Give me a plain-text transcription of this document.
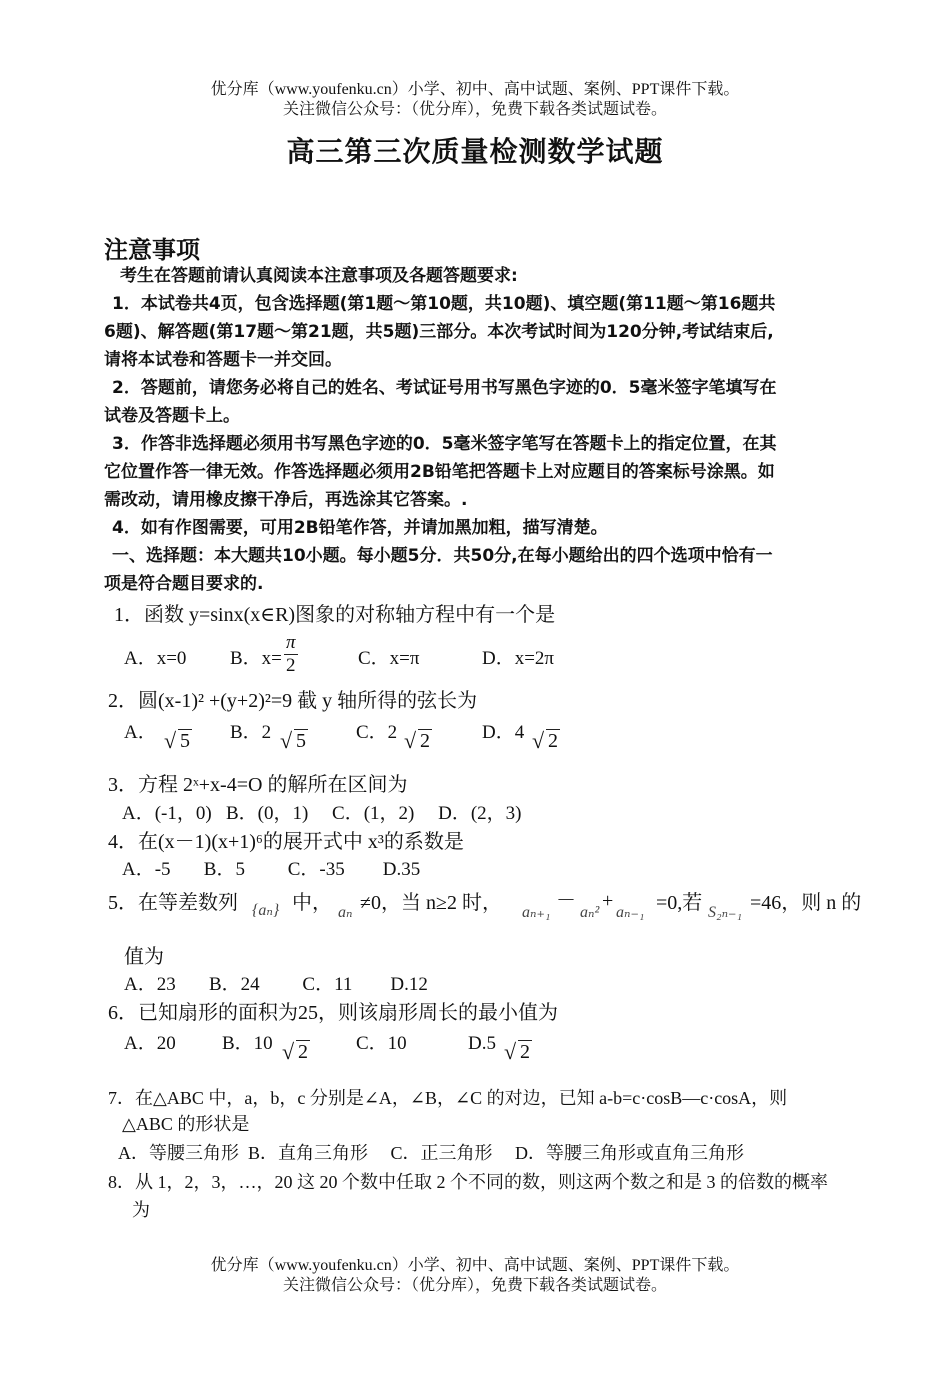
优分库（www.youfenku.cn）小学、初中、高中试题、案例、PPT课件下载。
关注微信公众号：（优分库），免费下载各类试题试卷。
高三第三次质量检测数学试题
注意事项
考生在答题前请认真阅读本注意事项及各题答题要求:
1．本试卷共4页，包含选择题(第1题～第10题，共10题)、填空题(第11题～第16题共
6题)、解答题(第17题～第21题，共5题)三部分。本次考试时间为120分钟,考试结束后,
请将本试卷和答题卡一并交回。
2．答题前，请您务必将自己的姓名、考试证号用书写黑色字迹的0．5毫米签字笔填写在
试卷及答题卡上。
3．作答非选择题必须用书写黑色字迹的0．5毫米签字笔写在答题卡上的指定位置，在其
它位置作答一律无效。作答选择题必须用2B铅笔把答题卡上对应题目的答案标号涂黑。如
需改动，请用橡皮擦干净后，再选涂其它答案。.
4．如有作图需要，可用2B铅笔作答，并请加黑加粗，描写清楚。
一、选择题：本大题共10小题。每小题5分．共50分,在每小题给出的四个选项中恰有一
项是符合题目要求的.
1．函数 y=sinx(x∈R)图象的对称轴方程中有一个是
A．x=0 B．$x= \frac{\pi}{2}$	C．x=π	D．x=2π
2．圆(x-1)² +(y+2)²=9 截 y 轴所得的弦长为
A．	√ 5 B．2	√ 5	C．2	√ 2	D．4	√ 2
3．方程 2ˣ+x-4=O 的解所在区间为
A．(-1，0)   B．(0，1)     C．(1，2)     D．(2，3)
4．在(x－1)(x+1)⁶的展开式中 x³的系数是
A．-5       B．5         C．-35        D.35
5．在等差数列 {aₙ} 中， aₙ ≠0，当 n≥2 时， aₙ₊₁
－
aₙ²
+
aₙ₋₁ =0,若 S₂ₙ₋₁ =46，则 n 的
值为
A．23       B．24         C．11        D.12
6．已知扇形的面积为25，则该扇形周长的最小值为
A．20 B．10	√ 2	C．10	D.5	√ 2
7．在△ABC 中，a，b，c 分别是∠A，∠B，∠C 的对边，已知 a-b=c·cosB—c·cosA，则
△ABC 的形状是
A．等腰三角形  B．直角三角形     C．正三角形     D．等腰三角形或直角三角形
8．从 1，2，3，…，20 这 20 个数中任取 2 个不同的数，则这两个数之和是 3 的倍数的概率
为
优分库（www.youfenku.cn）小学、初中、高中试题、案例、PPT课件下载。
关注微信公众号：（优分库），免费下载各类试题试卷。
